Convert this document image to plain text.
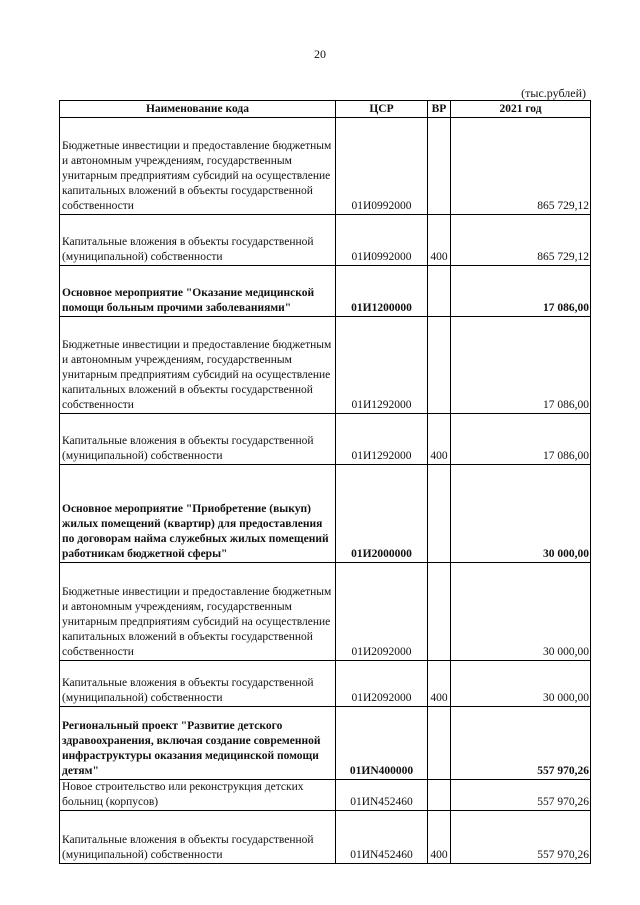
20
(тыс.рублей)
Наименование кода	ЦСР	ВР	2021 год
Бюджетные инвестиции и предоставление бюджетным и автономным учреждениям, государственным унитарным предприятиям субсидий на осуществление капитальных вложений в объекты государственной собственности	01И0992000		865 729,12
Капитальные вложения в объекты государственной (муниципальной) собственности	01И0992000	400	865 729,12
Основное мероприятие "Оказание медицинской помощи больным прочими заболеваниями"	01И1200000		17 086,00
Бюджетные инвестиции и предоставление бюджетным и автономным учреждениям, государственным унитарным предприятиям субсидий на осуществление капитальных вложений в объекты государственной собственности	01И1292000		17 086,00
Капитальные вложения в объекты государственной (муниципальной) собственности	01И1292000	400	17 086,00
Основное мероприятие "Приобретение (выкуп) жилых помещений (квартир) для предоставления по договорам найма служебных жилых помещений работникам бюджетной сферы"	01И2000000		30 000,00
Бюджетные инвестиции и предоставление бюджетным и автономным учреждениям, государственным унитарным предприятиям субсидий на осуществление капитальных вложений в объекты государственной собственности	01И2092000		30 000,00
Капитальные вложения в объекты государственной (муниципальной) собственности	01И2092000	400	30 000,00
Региональный проект "Развитие детского здравоохранения, включая создание современной инфраструктуры оказания медицинской помощи детям"	01ИN400000		557 970,26
Новое строительство или реконструкция детских больниц (корпусов)	01ИN452460		557 970,26
Капитальные вложения в объекты государственной (муниципальной) собственности	01ИN452460	400	557 970,26
